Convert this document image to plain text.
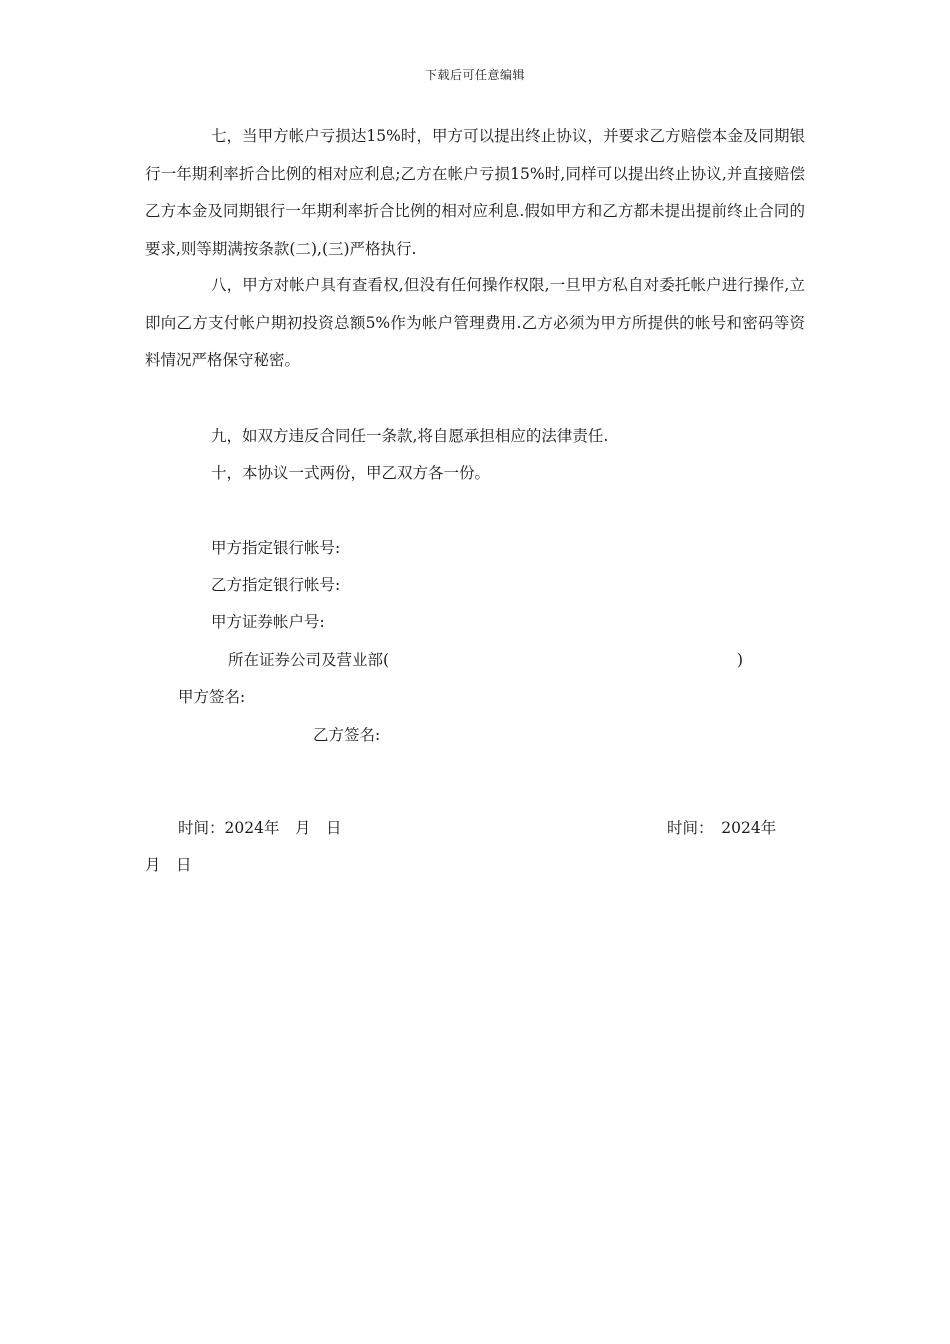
下载后可任意编辑

七，当甲方帐户亏损达15%时，甲方可以提出终止协议，并要求乙方赔偿本金及同期银行一年期利率折合比例的相对应利息;乙方在帐户亏损15%时,同样可以提出终止协议,并直接赔偿乙方本金及同期银行一年期利率折合比例的相对应利息.假如甲方和乙方都未提出提前终止合同的要求,则等期满按条款(二),(三)严格执行.

八，甲方对帐户具有查看权,但没有任何操作权限,一旦甲方私自对委托帐户进行操作,立即向乙方支付帐户期初投资总额5%作为帐户管理费用.乙方必须为甲方所提供的帐号和密码等资料情况严格保守秘密。

九，如双方违反合同任一条款,将自愿承担相应的法律责任.
十，本协议一式两份，甲乙双方各一份。
甲方指定银行帐号:
乙方指定银行帐号:
甲方证券帐户号:
所在证券公司及营业部(	)
甲方签名:
乙方签名:
时间：2024年　月　日	时间：　2024年
月　日
